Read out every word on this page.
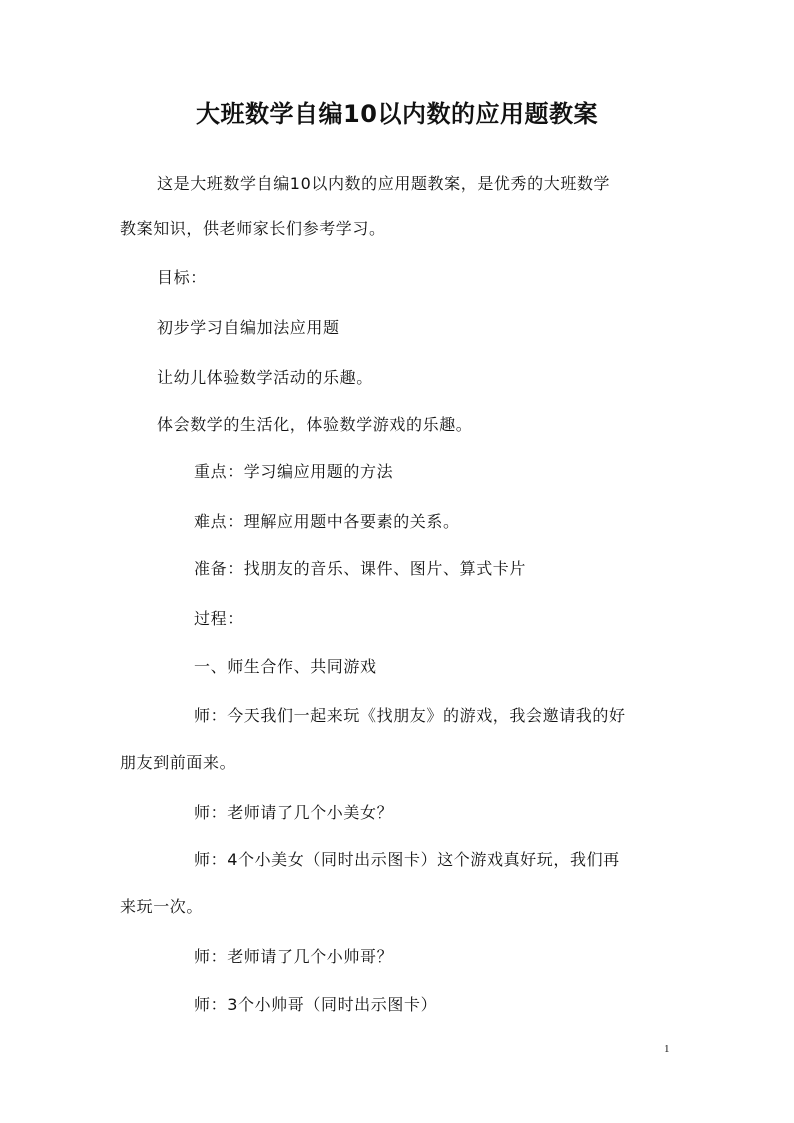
大班数学自编10以内数的应用题教案
这是大班数学自编10以内数的应用题教案，是优秀的大班数学
教案知识，供老师家长们参考学习。
目标：
初步学习自编加法应用题
让幼儿体验数学活动的乐趣。
体会数学的生活化，体验数学游戏的乐趣。
重点：学习编应用题的方法
难点：理解应用题中各要素的关系。
准备：找朋友的音乐、课件、图片、算式卡片
过程：
一、师生合作、共同游戏
师：今天我们一起来玩《找朋友》的游戏，我会邀请我的好
朋友到前面来。
师：老师请了几个小美女？
师：4个小美女（同时出示图卡）这个游戏真好玩，我们再
来玩一次。
师：老师请了几个小帅哥？
师：3个小帅哥（同时出示图卡）
1
